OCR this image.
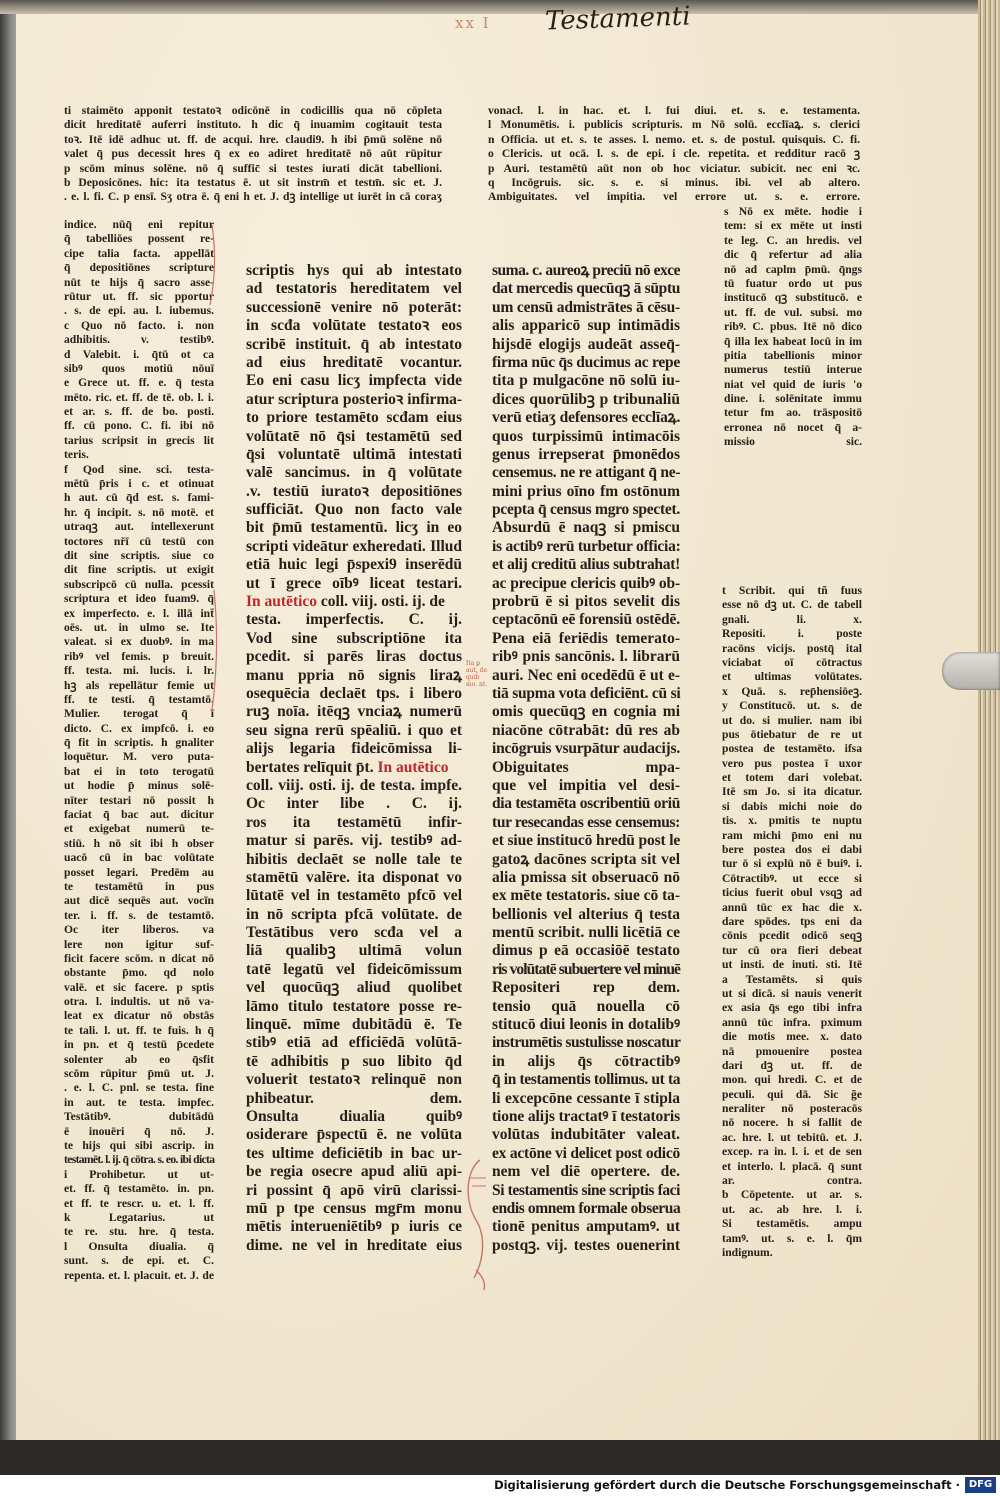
xx I Testamenti
Ita ꝑ aut. de quib̄ mo. nt.
ti staimēto apponit testatoꝛ odicōnē in codicillis qua nō cōpleta
dicit hreditatē auferri instituto. h dic q̄ inuamim cogitauit testa
toꝛ. Itē idē adhuc ut. ff. de acqui. hre. claudi9. h ibi p̄mū solēne nō
valet q̄ pus decessit hres q̄ ex eo adiret hreditatē nō aūt rūpitur
p scōm minus solēne. nō q̄ suffic̄ si testes iurati dicāt tabellioni.
b Deposicōnes. hic: ita testatus ē. ut sit instrm̄ et testm̄. sic et. J.
. e. l. fi. C. p ensī. Sʒ otra ē. q̄ eni h et. J. dꝫ intellige ut iurēt in cā coraʒ
vonacl. l. in hac. et. l. fui diui. et. s. e. testamenta.
l Monumētis. i. publicis scripturis. m Nō solū. ecclīaꝝ. s. clerici
n Officia. ut et. s. te asses. l. nemo. et. s. de postul. quisquis. C. fi.
o Clericis. ut ocā. l. s. de epi. i cle. repetita. et redditur racō ꝫ
p Auri. testamētū aūt non ob hoc viciatur. subicit. nec eni ꝛc.
q Incōgruis. sic. s. e. si minus. ibi. vel ab altero.
Ambiguitates. vel impitia. vel errore ut. s. e. errore.
indice. nūq̄ eni repitur
q̄ tabelliōes possent re-
cipe talia facta. appellāt
q̄ depositiōnes scripture
nūt te hijs q̄ sacro asse-
rūtur ut. ff. sic pportur
. s. de epi. au. l. iubemus.
c Quo nō facto. i. non
adhibitis. v. testibꝰ.
d Valebit. i. q̄tū ot ca
sibꝰ quos motiū nōuī
e Grece ut. ff. e. q̄ testa
mēto. ric. et. ff. de tē. ob. l. i.
et ar. s. ff. de bo. posti.
ff. cū pono. C. fi. ibi nō
tarius scripsit in grecis lit
teris.
f Qod sine. sci. testa-
mētū p̄ris i c. et otinuat
h aut. cū q̄d est. s. fami-
hr. q̄ incipit. s. nō motē. et
utraqꝫ aut. intellexerunt
toctores nřī cū testū con
dit sine scriptis. siue co
dit fine scriptis. ut exigit
subscripcō cū nulla. pcessit
scriptura et ideo fuam9. q̄
ex imperfecto. e. l. illā int̄
oēs. ut. in ulmo se. Ite
valeat. si ex duobꝰ. in ma
ribꝰ vel femis. p breuit.
ff. testa. mi. lucis. i. lr.
hꝫ als repellātur femie ut
ff. te testi. q̄ testamtō.
Mulier. terogat q̄ ī
dicto. C. ex impfcō. i. eo
q̄ fit in scriptis. h gnaliter
loquētur. M. vero puta-
bat ei in toto terogatū
ut hodie p̄ minus solē-
nīter testari nō possit h
faciat q̄ bac aut. dicitur
et exigebat numerū te-
stiū. h nō sit ibi h obser
uacō cū in bac volūtate
posset legari. Predēm au
te testamētū in pus
aut dicē sequēs aut. vocīn
ter. i. ff. s. de testamtō.
Oc iter liberos. va
lere non igitur suf-
ficit facere scōm. n dicat nō
obstante p̄mo. qd nolo
valē. et sic facere. p sptis
otra. l. indultis. ut nō va-
leat ex dicatur nō obstās
te tali. l. ut. ff. te fuis. h q̄
in pn. et q̄ testū p̄cedete
solenter ab eo q̄sfit
scōm rūpitur p̄mū ut. J.
. e. l. C. pnl. se testa. fine
in aut. te testa. impfec.
Testātibꝰ. dubitādū
ē inouēri q̄ nō. J.
te hijs qui sibi ascrip. in
testamēt. l. ij. q̄ cōtra. s. eo. ibi dicta
i Prohibetur. ut ut-
et. ff. q̄ testamēto. in. pn.
et ff. te rescr. u. et. l. ff.
k Legatarius. ut
te re. stu. hre. q̄ testa.
l Onsulta diualia. q̄
sunt. s. de epi. et. C.
repenta. et. l. placuit. et. J. de
scriptis hys qui ab intestato
ad testatoris hereditatem vel
successionē venire nō poterāt:
in scđa volūtate testatoꝛ eos
scribē instituit. q̄ ab intestato
ad eius hreditatē vocantur.
Eo eni casu licʒ impfecta vide
atur scriptura posterioꝛ infirma-
to priore testamēto scđam eius
volūtatē nō q̄si testamētū sed
q̄si voluntatē ultimā intestati
valē sancimus. in q̄ volūtate
.v. testiū iuratoꝛ depositiōnes
sufficiāt. Quo non facto vale
bit p̄mū testamentū. licʒ in eo
scripti videātur exheredati. Illud
etiā huic legi p̄spexi9 inserēdū
ut ī grece oībꝰ liceat testari.
In autētico coll. viij. osti. ij. de
testa. imperfectis. C. ij.
Vod sine subscriptiōne ita
pcedit. si parēs liras doctus
manu ppria nō signis liraꝝ
osequēcia declaēt tps. i libero
ruꝫ noīa. itēqꝫ vnciaꝝ numerū
seu signa rerū spēaliū. i quo et
alijs legaria fideicōmissa li-
bertates relīquit p̄t. In autētico
coll. viij. osti. ij. de testa. impfe.
Oc inter libe . C. ij.
ros ita testamētū infir-
matur si parēs. vij. testibꝰ ad-
hibitis declaēt se nolle tale te
stamētū valēre. ita disponat vo
lūtatē vel in testamēto pfcō vel
in nō scripta pfcā volūtate. de
Testātibus vero scđa vel a
liā qualibꝫ ultimā volun
tatē legatū vel fideicōmissum
vel quocūqꝫ aliud quolibet
lāmo titulo testatore posse re-
linquē. mīme dubitādū ē. Te
stibꝰ etiā ad efficiēdā volūtā-
tē adhibitis p suo libito q̄d
voluerit testatoꝛ relinquē non
phibeatur. dem.
Onsulta diualia quibꝰ
osiderare p̄spectū ē. ne volūta
tes ultime deficiētib in bac ur-
be regia osecre apud aliū api-
ri possint q̄ apō virū clarissi-
mū p tpe census mgr̄m monu
mētis interueniētibꝰ p iuris ce
dime. ne vel in hreditate eius
suma. c. aureoꝝ preciū nō exce
dat mercedis quecūqꝫ ā sūptu
um censū admistrātes ā cēsu-
alis apparicō sup intimādis
hijsdē elogijs audeāt asseq̄-
firma nūc q̄s ducimus ac repe
tita p mulgacōne nō solū iu-
dices quorūlibꝫ p tribunaliū
verū etiaʒ defensores ecclīaꝝ.
quos turpissimū intimacōis
genus irrepserat p̄monēdos
censemus. ne re attigant q̄ ne-
mini prius oīno fm ostōnum
pcepta q̄ census mgro spectet.
Absurdū ē naqꝫ si pmiscu
is actibꝰ rerū turbetur officia:
et alij creditū alius subtrahat!
ac precipue clericis quibꝰ ob-
probrū ē si pitos sevelit dis
ceptacōnū eē forensiū ostēdē.
Pena eiā feriēdis temerato-
ribꝰ pnis sancōnis. l. librarū
auri. Nec eni ocedēdū ē ut e-
tiā supma vota deficiēnt. cū si
omis quecūqꝫ en cognia mi
niacōne cōtrabāt: dū res ab
incōgruis vsurpātur audacijs.
Obiguitates mpa-
que vel impitia vel desi-
dia testamēta oscribentiū oriū
tur resecandas esse censemus:
et siue institucō hredū post le
gatoꝝ dacōnes scripta sit vel
alia pmissa sit obseruacō nō
ex mēte testatoris. siue cō ta-
bellionis vel alterius q̄ testa
mentū scribit. nulli licētiā ce
dimus p eā occasiōē testato
ris volūtatē subuertere vel minuē
Repositeri rep dem.
tensio quā nouella cō
stitucō diui leonis in dotalibꝰ
instrumētis sustulisse noscatur
in alijs q̄s cōtractibꝰ
q̄ in testamentis tollimus. ut ta
li excepcōne cessante ī stipla
tione alijs tractatꝰ ī testatoris
volūtas indubitāter valeat.
ex actōne vi delicet post odicō
nem vel diē opertere. de.
Si testamentis sine scriptis faci
endis omnem formale obserua
tionē penitus amputamꝰ. ut
postqꝫ. vij. testes ouenerint
s Nō ex mēte. hodie i
tem: si ex mēte ut insti
te leg. C. an hredis. vel
dic q̄ refertur ad alia
nō ad caplm p̄mū. q̄ngs
tū fuatur ordo ut pus
institucō qꝫ substitucō. e
ut. ff. de vul. subsi. mo
ribꝰ. C. pbus. Itē nō dico
q̄ illa lex habeat locū in im
pitia tabellionis minor
numerus testiū interue
niat vel quid de iuris 'o
dine. i. solēnitate immu
tetur fm ao. trāspositō
erronea nō nocet q̄ a-
missio sic.
t Scribit. qui tñ fuus
esse nō dꝫ ut. C. de tabell
gnali. li. x.
Repositi. i. poste
racōns vicijs. postq̄ ital
viciabat oī cōtractus
et ultimas volūtates.
x Quā. s. rep̄hensiōeꝫ.
y Constitucō. ut. s. de
ut do. si mulier. nam ibi
pus ōtiebatur de re ut
postea de testamēto. ifsa
vero pus postea ī uxor
et totem dari volebat.
Itē sm Jo. si ita dicatur.
si dabis michi noie do
tis. x. pmitis te nuptu
ram michi p̄mo eni nu
bere postea dos ei dabi
tur ō si explū nō ē buiꝰ. i.
Cōtractibꝰ. ut ecce si
ticius fuerit obul vsqꝫ ad
annū tūc ex hac die x.
dare spōdes. tps eni da
cōnis pcedit odicō seqꝫ
tur cū ora fieri debeat
ut insti. de inuti. sti. Itē
a Testamēts. si quis
ut si dicā. si nauis venerit
ex asia q̄s ego tibi infra
annū tūc infra. pximum
die motis mee. x. dato
nā pmouenire postea
dari dꝫ ut. ff. de
mon. qui hredi. C. et de
peculi. qui dā. Sic g̃e
neraliter nō posteracōs
nō nocere. h si fallit de
ac. hre. l. ut tebitū. et. J.
excep. ra in. l. i. et de sen
et interlo. l. placā. q̄ sunt
ar. contra.
b Cōpetente. ut ar. s.
ut. ac. ab hre. l. i.
Si testamētis. ampu
tamꝰ. ut. s. e. l. q̄m
indignum.
Digitalisierung gefördert durch die Deutsche Forschungsgemeinschaft · DFG
